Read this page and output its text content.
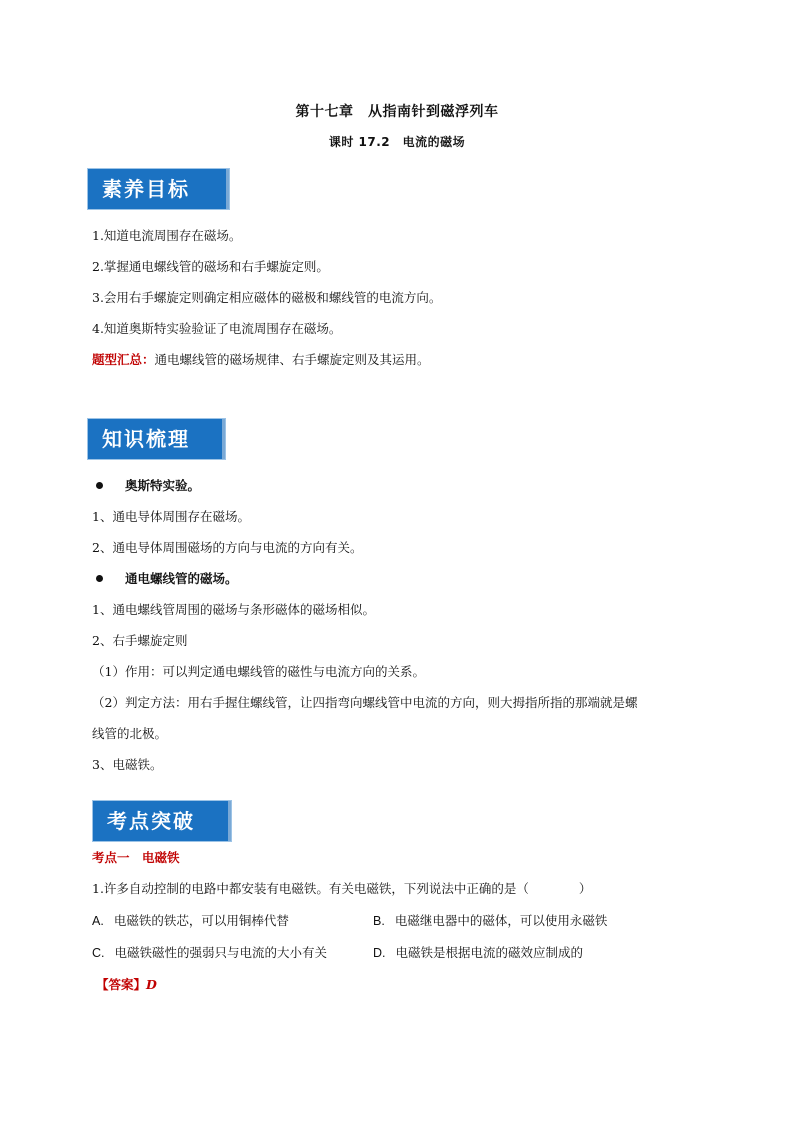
第十七章　从指南针到磁浮列车
课时 17.2　电流的磁场
素养目标
1.知道电流周围存在磁场。
2.掌握通电螺线管的磁场和右手螺旋定则。
3.会用右手螺旋定则确定相应磁体的磁极和螺线管的电流方向。
4.知道奥斯特实验验证了电流周围存在磁场。
题型汇总：通电螺线管的磁场规律、右手螺旋定则及其运用。
知识梳理
奥斯特实验。
1、通电导体周围存在磁场。
2、通电导体周围磁场的方向与电流的方向有关。
通电螺线管的磁场。
1、通电螺线管周围的磁场与条形磁体的磁场相似。
2、右手螺旋定则
（1）作用：可以判定通电螺线管的磁性与电流方向的关系。
（2）判定方法：用右手握住螺线管，让四指弯向螺线管中电流的方向，则大拇指所指的那端就是螺
线管的北极。
3、电磁铁。
考点突破
考点一　电磁铁
1.许多自动控制的电路中都安装有电磁铁。有关电磁铁，下列说法中正确的是（　　　　）
A. 电磁铁的铁芯，可以用铜棒代替	B. 电磁继电器中的磁体，可以使用永磁铁
C. 电磁铁磁性的强弱只与电流的大小有关	D. 电磁铁是根据电流的磁效应制成的
【答案】D
